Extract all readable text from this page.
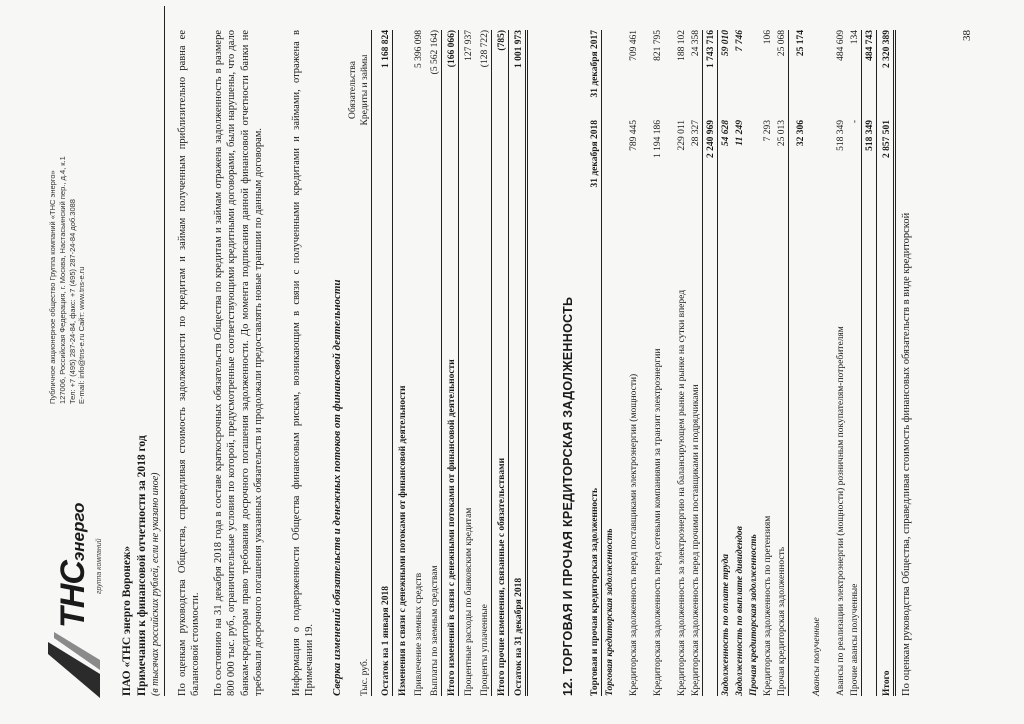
ТНСэнерго
группа компаний
Публичное акционерное общество Группа компаний «ТНС энерго» 127006, Российская Федерация, г. Москва, Настасьинский пер., д.4, к.1 Тел: +7 (495) 287-24-84, факс: +7 (495) 287-24-84 доб.3088 E-mail: info@tns-e.ru Сайт: www.tns-e.ru
ПАО «ТНС энерго Воронеж» Примечания к финансовой отчетности за 2018 год (в тысячах российских рублей, если не указано иное)	По оценкам руководства Общества, справедливая стоимость задолженности по кредитам и займам полученным приблизительно равна ее балансовой стоимости. По состоянию на 31 декабря 2018 года в составе краткосрочных обязательств Общества по кредитам и займам отражена задолженность в размере 800 000 тыс. руб., ограничительные условия по которой, предусмотренные соответствующими кредитными договорами, были нарушены, что дало банкам-кредиторам право требования досрочного погашения задолженности. До момента подписания данной финансовой отчетности банки не требовали досрочного погашения указанных обязательств и продолжали предоставлять новые траншии по данным договорам.	Информация о подверженности Общества финансовым рискам, возникающим в связи с полученными кредитами и займами, отражена в Примечании 19. Сверка изменений обязательств и денежных потоков от финансовой деятельности Тыс. руб.
Обязательства Кредиты и займы
Остаток на 1 января 2018
1 168 824
Изменения в связи с денежными потоками от финансовой деятельности Привлечение заемных средств
5 396 098
Выплаты по заемным средствам
(5 562 164)
Итого изменений в связи с денежными потоками от финансовой деятельности
(166 066)
Процентные расходы по банковским кредитам
127 937
Проценты уплаченные
(128 722)
Итого прочие изменения, связанные с обязательствами
(785)
Остаток на 31 декабря 2018
1 001 973
12. ТОРГОВАЯ И ПРОЧАЯ КРЕДИТОРСКАЯ ЗАДОЛЖЕННОСТЬ Торговая и прочая кредиторская задолженность
31 декабря 2018
31 декабря 2017
Торговая кредиторская задолженность Кредиторская задолженность перед поставщиками электроэнергии (мощности)
789 445
709 461
Кредиторская задолженность перед сетевыми компаниями за транзит электроэнергии
1 194 186
821 795
Кредиторская задолженность за электроэнергию на балансирующем рынке и рынке на сутки вперед
229 011
188 102
Кредиторская задолженность перед прочими поставщиками и подрядчиками
28 327
24 358
2 240 969
1 743 716
Задолженность по оплате труда
54 628
59 010
Задолженность по выплате дивидендов
11 249
7 746
Прочая кредиторская задолженность Кредиторская задолженность по претензиям
7 293
106
Прочая кредиторская задолженность
25 013
25 068
32 306
25 174
Авансы полученные Авансы по реализации электроэнергии (мощности) розничным покупателям-потребителям
518 349
484 609
Прочие авансы полученные
-
134
518 349
484 743
Итого
2 857 501
2 320 389
По оценкам руководства Общества, справедливая стоимость финансовых обязательств в виде кредиторской
38
